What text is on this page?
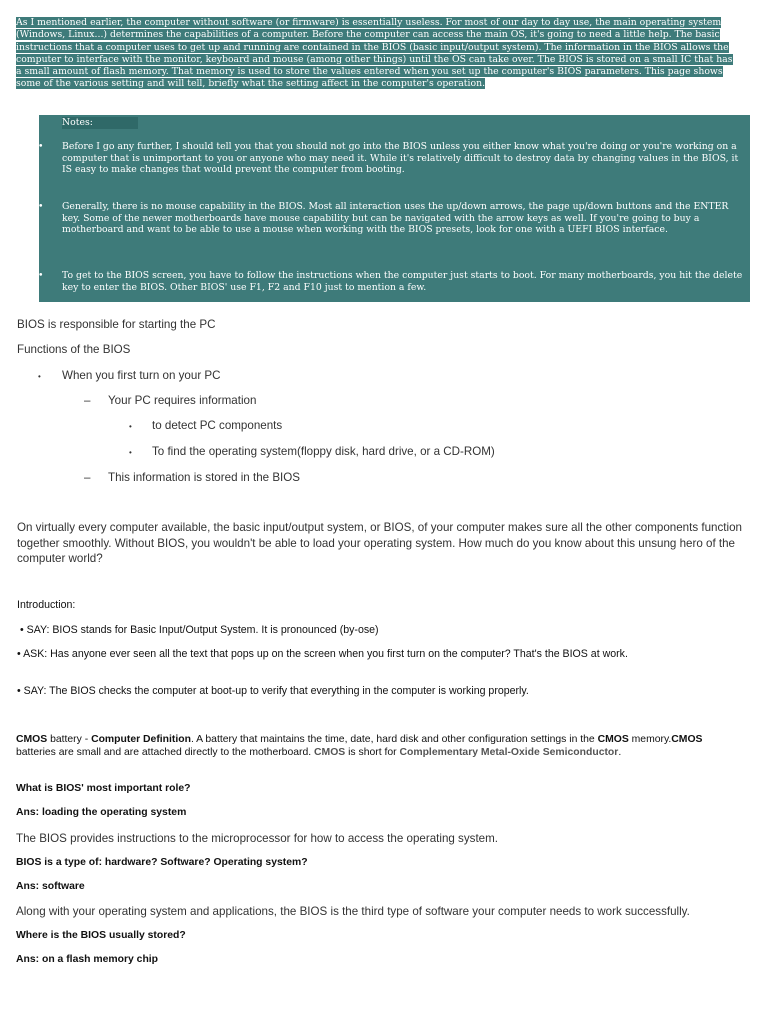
As I mentioned earlier, the computer without software (or firmware) is essentially useless. For most of our day to day use, the main operating system (Windows, Linux...) determines the capabilities of a computer. Before the computer can access the main OS, it's going to need a little help. The basic instructions that a computer uses to get up and running are contained in the BIOS (basic input/output system). The information in the BIOS allows the computer to interface with the monitor, keyboard and mouse (among other things) until the OS can take over. The BIOS is stored on a small IC that has a small amount of flash memory. That memory is used to store the values entered when you set up the computer's BIOS parameters. This page shows some of the various setting and will tell, briefly what the setting affect in the computer's operation.
Notes:
• Before I go any further, I should tell you that you should not go into the BIOS unless you either know what you're doing or you're working on a computer that is unimportant to you or anyone who may need it. While it's relatively difficult to destroy data by changing values in the BIOS, it IS easy to make changes that would prevent the computer from booting.
• Generally, there is no mouse capability in the BIOS. Most all interaction uses the up/down arrows, the page up/down buttons and the ENTER key. Some of the newer motherboards have mouse capability but can be navigated with the arrow keys as well. If you're going to buy a motherboard and want to be able to use a mouse when working with the BIOS presets, look for one with a UEFI BIOS interface.
• To get to the BIOS screen, you have to follow the instructions when the computer just starts to boot. For many motherboards, you hit the delete key to enter the BIOS. Other BIOS' use F1, F2 and F10 just to mention a few.
BIOS is responsible for starting the PC
Functions of the BIOS
• When you first turn on your PC
– Your PC requires information
• to detect PC components
• To find the operating system(floppy disk, hard drive, or a CD-ROM)
– This information is stored in the BIOS
On virtually every computer available, the basic input/output system, or BIOS, of your computer makes sure all the other components function together smoothly. Without BIOS, you wouldn't be able to load your operating system. How much do you know about this unsung hero of the computer world?
Introduction:
• SAY: BIOS stands for Basic Input/Output System. It is pronounced (by-ose)
• ASK: Has anyone ever seen all the text that pops up on the screen when you first turn on the computer? That's the BIOS at work.
• SAY: The BIOS checks the computer at boot-up to verify that everything in the computer is working properly.
CMOS battery - Computer Definition. A battery that maintains the time, date, hard disk and other configuration settings in the CMOS memory.CMOS batteries are small and are attached directly to the motherboard. CMOS is short for Complementary Metal-Oxide Semiconductor.
What is BIOS' most important role?
Ans: loading the operating system
The BIOS provides instructions to the microprocessor for how to access the operating system.
BIOS is a type of: hardware? Software? Operating system?
Ans: software
Along with your operating system and applications, the BIOS is the third type of software your computer needs to work successfully.
Where is the BIOS usually stored?
Ans: on a flash memory chip
